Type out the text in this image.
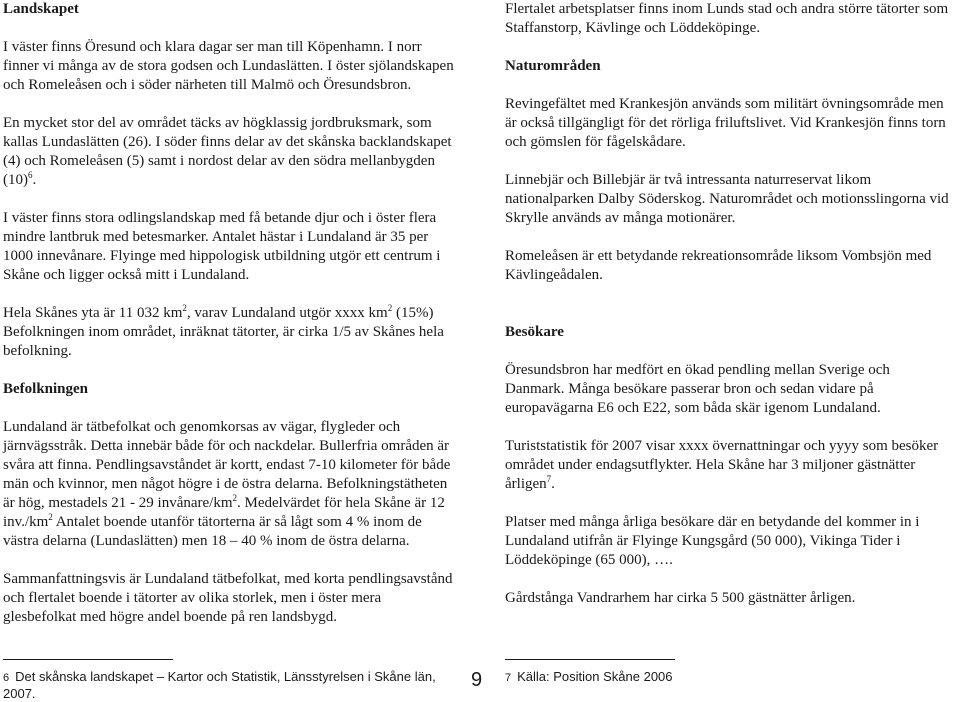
Landskapet

I väster finns Öresund och klara dagar ser man till Köpenhamn. I norr finner vi många av de stora godsen och Lundaslätten. I öster sjölandskapen och Romeleåsen och i söder närheten till Malmö och Öresundsbron.

En mycket stor del av området täcks av högklassig jordbruksmark, som kallas Lundaslätten (26). I söder finns delar av det skånska backlandskapet (4) och Romeleåsen (5) samt i nordost delar av den södra mellanbygden $(10)^6$.

I väster finns stora odlingslandskap med få betande djur och i öster flera mindre lantbruk med betesmarker. Antalet hästar i Lundaland är 35 per 1000 innevånare. Flyinge med hippologisk utbildning utgör ett centrum i Skåne och ligger också mitt i Lundaland.

Hela Skånes yta är 11 032 $km^2$, varav Lundaland utgör xxxx $km^2$ (15%) Befolkningen inom området, inräknat tätorter, är cirka 1/5 av Skånes hela befolkning.

Befolkningen

Lundaland är tätbefolkat och genomkorsas av vägar, flygleder och järnvägsstråk. Detta innebär både för och nackdelar. Bullerfria områden är svåra att finna. Pendlingsavståndet är kortt, endast 7-10 kilometer för både män och kvinnor, men något högre i de östra delarna. Befolkningstätheten är hög, mestadels 21 - 29 invånare/$km^2$. Medelvärdet för hela Skåne är 12 $inv./km^2$ Antalet boende utanför tätorterna är så lågt som 4 % inom de västra delarna (Lundaslätten) men 18 – 40 % inom de östra delarna.

Sammanfattningsvis är Lundaland tätbefolkat, med korta pendlingsavstånd och flertalet boende i tätorter av olika storlek, men i öster mera glesbefolkat med högre andel boende på ren landsbygd.

Flertalet arbetsplatser finns inom Lunds stad och andra större tätorter som Staffanstorp, Kävlinge och Löddeköpinge.

Naturområden

Revingefältet med Krankesjön används som militärt övningsområde men är också tillgängligt för det rörliga friluftslivet. Vid Krankesjön finns torn och gömslen för fågelskådare.

Linnebjär och Billebjär är två intressanta naturreservat likom nationalparken Dalby Söderskog. Naturområdet och motionsslingorna vid Skrylle används av många motionärer.

Romeleåsen är ett betydande rekreationsområde liksom Vombsjön med Kävlingeådalen.

Besökare

Öresundsbron har medfört en ökad pendling mellan Sverige och Danmark. Många besökare passerar bron och sedan vidare på europavägarna E6 och E22, som båda skär igenom Lundaland.

Turiststatistik för 2007 visar xxxx övernattningar och yyyy som besöker området under endagsutflykter. Hela Skåne har 3 miljoner gästnätter årligen$^7$.

Platser med många årliga besökare där en betydande del kommer in i Lundaland utifrån är Flyinge Kungsgård (50 000), Vikinga Tider i Löddeköpinge (65 000), ….

Gårdstånga Vandrarhem har cirka 5 500 gästnätter årligen.

6 Det skånska landskapet – Kartor och Statistik, Länsstyrelsen i Skåne län, 2007.
9 7 Källa: Position Skåne 2006
